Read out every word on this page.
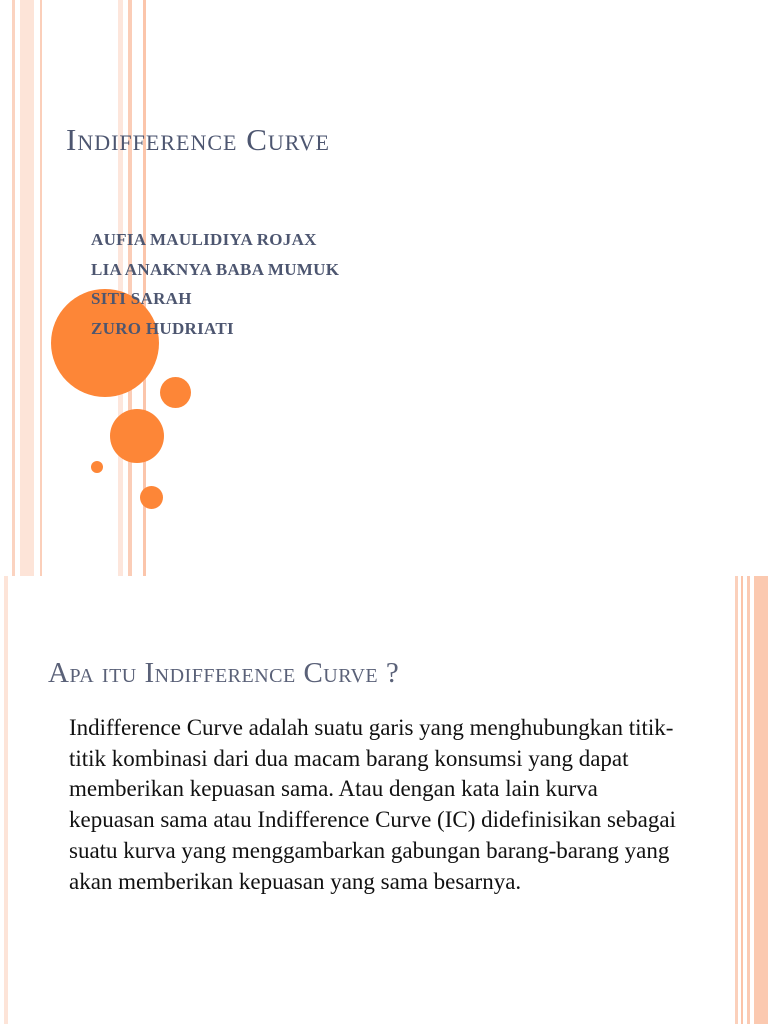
Indifference Curve
AUFIA MAULIDIYA ROJAX
LIA ANAKNYA BABA MUMUK
SITI SARAH
ZURO HUDRIATI
Apa itu Indifference Curve ?

Indifference Curve adalah suatu garis yang menghubungkan titik-titik kombinasi dari dua macam barang konsumsi yang dapat memberikan kepuasan sama. Atau dengan kata lain kurva kepuasan sama atau Indifference Curve (IC) didefinisikan sebagai suatu kurva yang menggambarkan gabungan barang-barang yang akan memberikan kepuasan yang sama besarnya.
